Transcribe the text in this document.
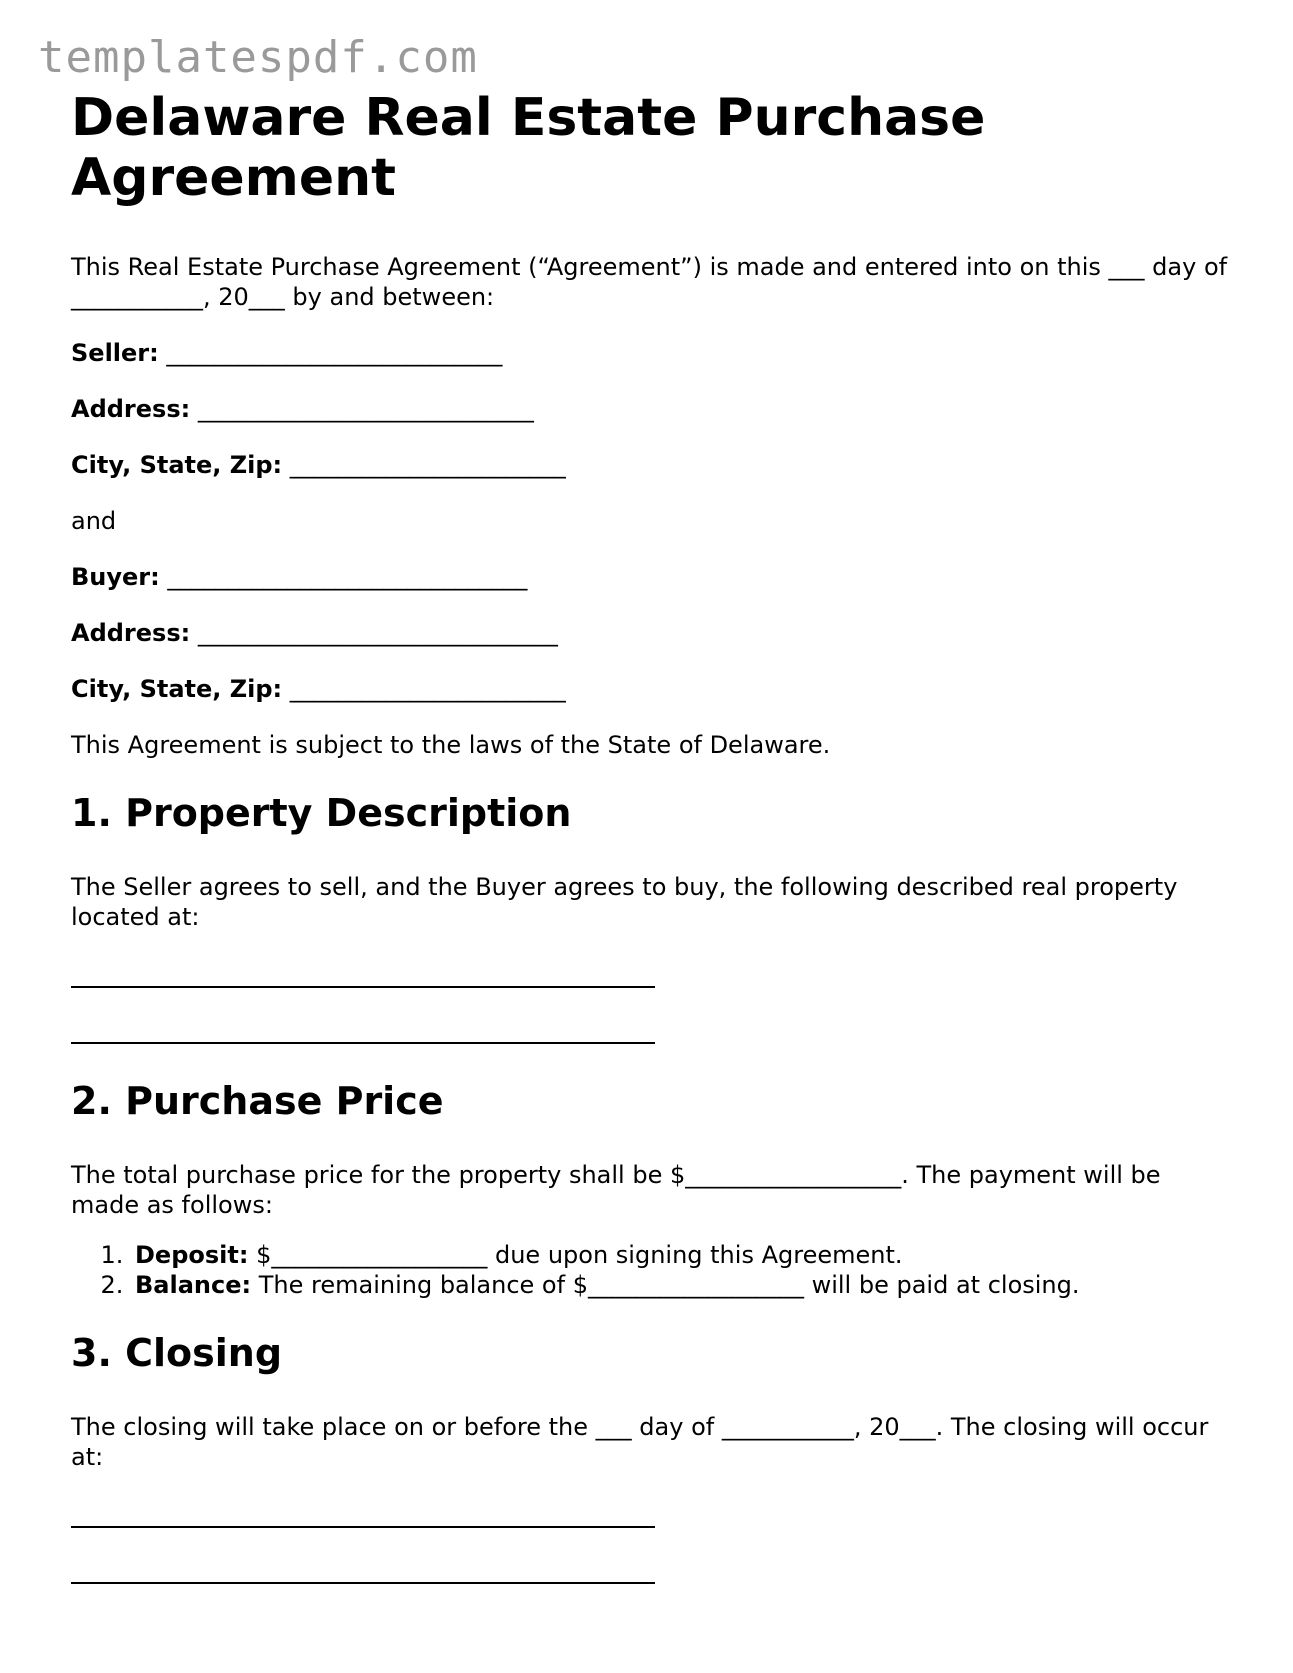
templatespdf.com
Delaware Real Estate Purchase Agreement

This Real Estate Purchase Agreement (“Agreement”) is made and entered into on this ___ day of ___________, 20___ by and between:

Seller: ____________________________

Address: ____________________________

City, State, Zip: _______________________

and

Buyer: ______________________________

Address: ______________________________

City, State, Zip: _______________________

This Agreement is subject to the laws of the State of Delaware.

1. Property Description

The Seller agrees to sell, and the Buyer agrees to buy, the following described real property located at:

2. Purchase Price

The total purchase price for the property shall be $__________________. The payment will be made as follows:

1. Deposit: $__________________ due upon signing this Agreement.
2. Balance: The remaining balance of $__________________ will be paid at closing.
3. Closing

The closing will take place on or before the ___ day of ___________, 20___. The closing will occur at:
